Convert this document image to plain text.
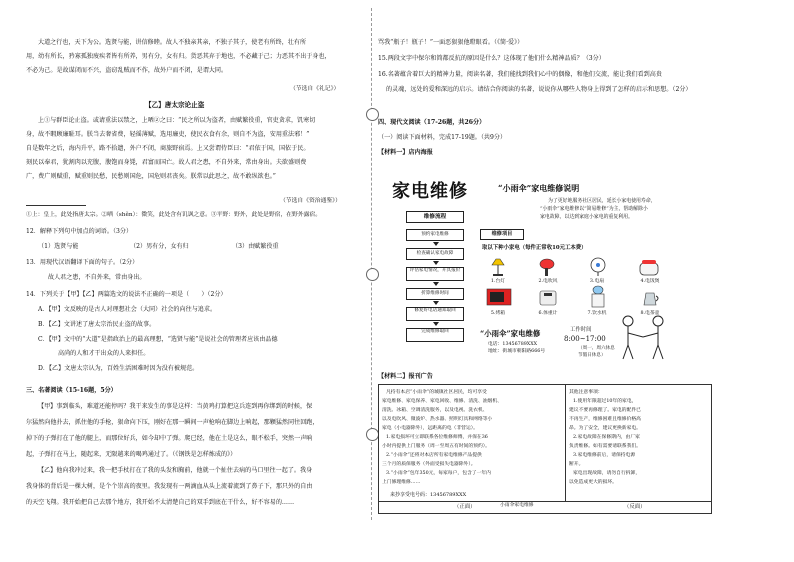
大道之行也，天下为公。选贤与能，讲信修睦。故人不独亲其亲，不独子其子，使老有所终，壮有所
用，幼有所长，矜寡孤独废疾者皆有所养，男有分，女有归。货恶其弃于地也，不必藏于己；力恶其不出于身也，
不必为己。是故谋闭而不兴，盗窃乱贼而不作，故外户而不闭，是谓大同。
（节选自《礼记》）
【乙】唐太宗论止盗
上①与群臣论止盗。或请重法以禁之，上哂②之曰：“民之所以为盗者，由赋繁役重，官吏贪求，饥寒切
身，故不暇顾廉耻耳。朕当去奢省费，轻徭薄赋，选用廉吏，使民衣食有余，则自不为盗，安用重法邪！”
自是数年之后，海内升平，路不拾遗，外户不闭，商旅野宿焉。上又尝谓侍臣曰：“君依于国，国依于民。
刻民以奉君，犹割肉以充腹，腹饱而身毙，君富而国亡。故人君之患，不自外来，常由身出。夫欲盛则费
广，费广则赋重，赋重则民愁，民愁则国危，国危则君丧矣。朕常以此思之，故不敢纵欲也。”
（节选自《资治通鉴》）
①上：皇上，此处指唐太宗。②哂（shěn）：微笑，此处含有讥讽之意。③平野：野外，此处是野宿，在野外露宿。
12．解释下列句中加点的词语。（3分）
（1）选贤与能	（2）男有分，女有归	（3）由赋繁役重
13．用现代汉语翻译下面的句子。（2分）
故人君之患，不自外来，常由身出。
14．下列关于【甲】【乙】两篇选文的说法不正确的一项是（　　）（2分）
A．【甲】文反映的是古人对理想社会（大同）社会的向往与追求。
B．【乙】文讲述了唐太宗治民止盗的故事。
C．【甲】文中的“大道”是指政治上的最高理想，“选贤与能”是说社会的管理者应该由品德
高尚的人和才干出众的人来担任。
D．【乙】文唐太宗认为，百姓生活困难时因为没有被规范。
三、名著阅读（15-16题，5分）
【甲】事到临头，难道还能停吗？我干来发生的事是这样：当黄鸡打算把这兵连到再你绑到的时候，保
尔猛然向他扑去，抓住他的手枪，狠命向下压，刚好在那一瞬间一声枪响在脚边上响起，那颗猛然同往回跑，
掉下的子弹打在了他的腿上，而那位好兵，如今却中了弹。爬已经，他在土是这么，眼不松手，突然一声响
起，子弹打在马上，随起来，无限越来的喝鸡通过了。（《钢铁是怎样炼成的》）
【乙】他向我冲过来，我一把手杖打在了我的头发和胸前，他就一个扯住去病的马口里往一起了。我身
我身体的背后是一棵大树，是个个崇高的夜里。我发现有一两滴血从头上流着流到了鼻子下，那只外的自由
的天空飞翔。我开始把自己去那个地方，我开始不太清楚自己的双手到底在干什么，好不容易的……
骂我“瓶子！瓶子！”一面恶狠狠他瞪眼看。（《简·爱》）
15.两段文字中保尔和简都反抗的原因是什么？这体现了他们什么精神品质？（3分）
16.名著蕴含着巨大的精神力量，阅读名著，我们能找到我们心中的偶像，和他们交流，能让我们看到高贵
的灵魂，远处的爱和深远的启示。请结合你阅读的名著，说说你从哪些人物身上得到了怎样的启示和思想。（2分）
四、现代文阅读（17-26题，共26分）
（一）阅读下面材料，完成17-19题。（共9分）
【材料一】店内海报
家电维修	“小雨伞”家电维修说明
为了更好地服务社区居民，延长小家电使用寿命，
“小雨伞”家电维修以“简易维修”为主，帮助解除小
家电故障，以达到家庭小家电的重复利用。
维修流程
预约家电维修
检查确认家电故障
评估家电情况，开具报价
折算维修时间
修复好电话通知取回
完成维修取回
维修项目
取以下种小家电（每件正常收10元工本费）
1.台灯	2.电吹风	3.电扇	4.电饭煲
5.烤箱	6.体重计	7.饮水机	8.电茶壶
“小雨伞”家电维修
电话：13456789XXX
地址：街城市朝阳路666号
工作时间
8:00~17:00
（周一、周六休息 节假日休息）
【材料二】报刊广告
凡持有本店“小雨伞”的城镇社区居民，均可享受
家电维修、家电保养、家电回收、维修、清洗、油烟机、
清洗、冰箱、空调清洗服务，以及电视、洗衣机、
以及电吹风、微波炉、热水器、照明灯具和网络等小
家电（小电器除外），远距离的电（非营运）。
1.家电损坏可立即联系各位维修师傅，并保在36
小时内提供上门服务（周一至周五有时间的预约）。
2.“小雨伞”还将对本店所有家电维修产品提供
三个月的质保服务（外面受损失电器除外）。
3.“小雨伞”包年350元，每家每户，包含了一年内
上门修理维修……
来抄享受电号码：13456789XXX
小雨伞家电维修
其他注意事项：
1.使用年限超过10年的家电，
建议不要再修理了。家电的配件已
不再生产，维修困难且维修价格高
昂。为了安全，建议更换新家电。
2.家电故障在保修期内，由厂家
负责维修。如有需要请联系我们。
3.家电维修前后，请保持电源
断开。
家电出现故障，请勿自行拆卸，
以免造成更大的损坏。
（正面）	（反面）
